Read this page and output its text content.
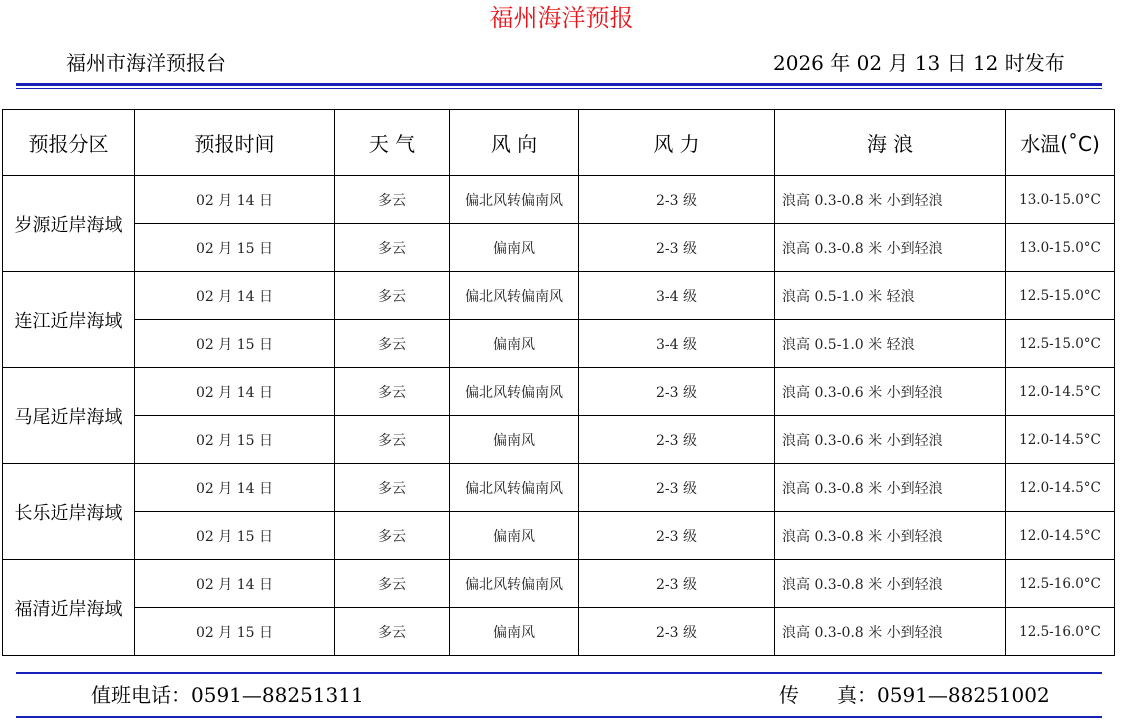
福州海洋预报
福州市海洋预报台	2026 年 02 月 13 日 12 时发布
预报分区	预报时间	天 气	风 向	风 力	海 浪	水温(˚C)
岁源近岸海域	02 月 14 日	多云	偏北风转偏南风	2-3 级	浪高 0.3-0.8 米 小到轻浪	13.0-15.0°C
	02 月 15 日	多云	偏南风	2-3 级	浪高 0.3-0.8 米 小到轻浪	13.0-15.0°C
连江近岸海域	02 月 14 日	多云	偏北风转偏南风	3-4 级	浪高 0.5-1.0 米 轻浪	12.5-15.0°C
	02 月 15 日	多云	偏南风	3-4 级	浪高 0.5-1.0 米 轻浪	12.5-15.0°C
马尾近岸海域	02 月 14 日	多云	偏北风转偏南风	2-3 级	浪高 0.3-0.6 米 小到轻浪	12.0-14.5°C
	02 月 15 日	多云	偏南风	2-3 级	浪高 0.3-0.6 米 小到轻浪	12.0-14.5°C
长乐近岸海域	02 月 14 日	多云	偏北风转偏南风	2-3 级	浪高 0.3-0.8 米 小到轻浪	12.0-14.5°C
	02 月 15 日	多云	偏南风	2-3 级	浪高 0.3-0.8 米 小到轻浪	12.0-14.5°C
福清近岸海域	02 月 14 日	多云	偏北风转偏南风	2-3 级	浪高 0.3-0.8 米 小到轻浪	12.5-16.0°C
	02 月 15 日	多云	偏南风	2-3 级	浪高 0.3-0.8 米 小到轻浪	12.5-16.0°C
值班电话：0591—88251311	传 真：0591—88251002
